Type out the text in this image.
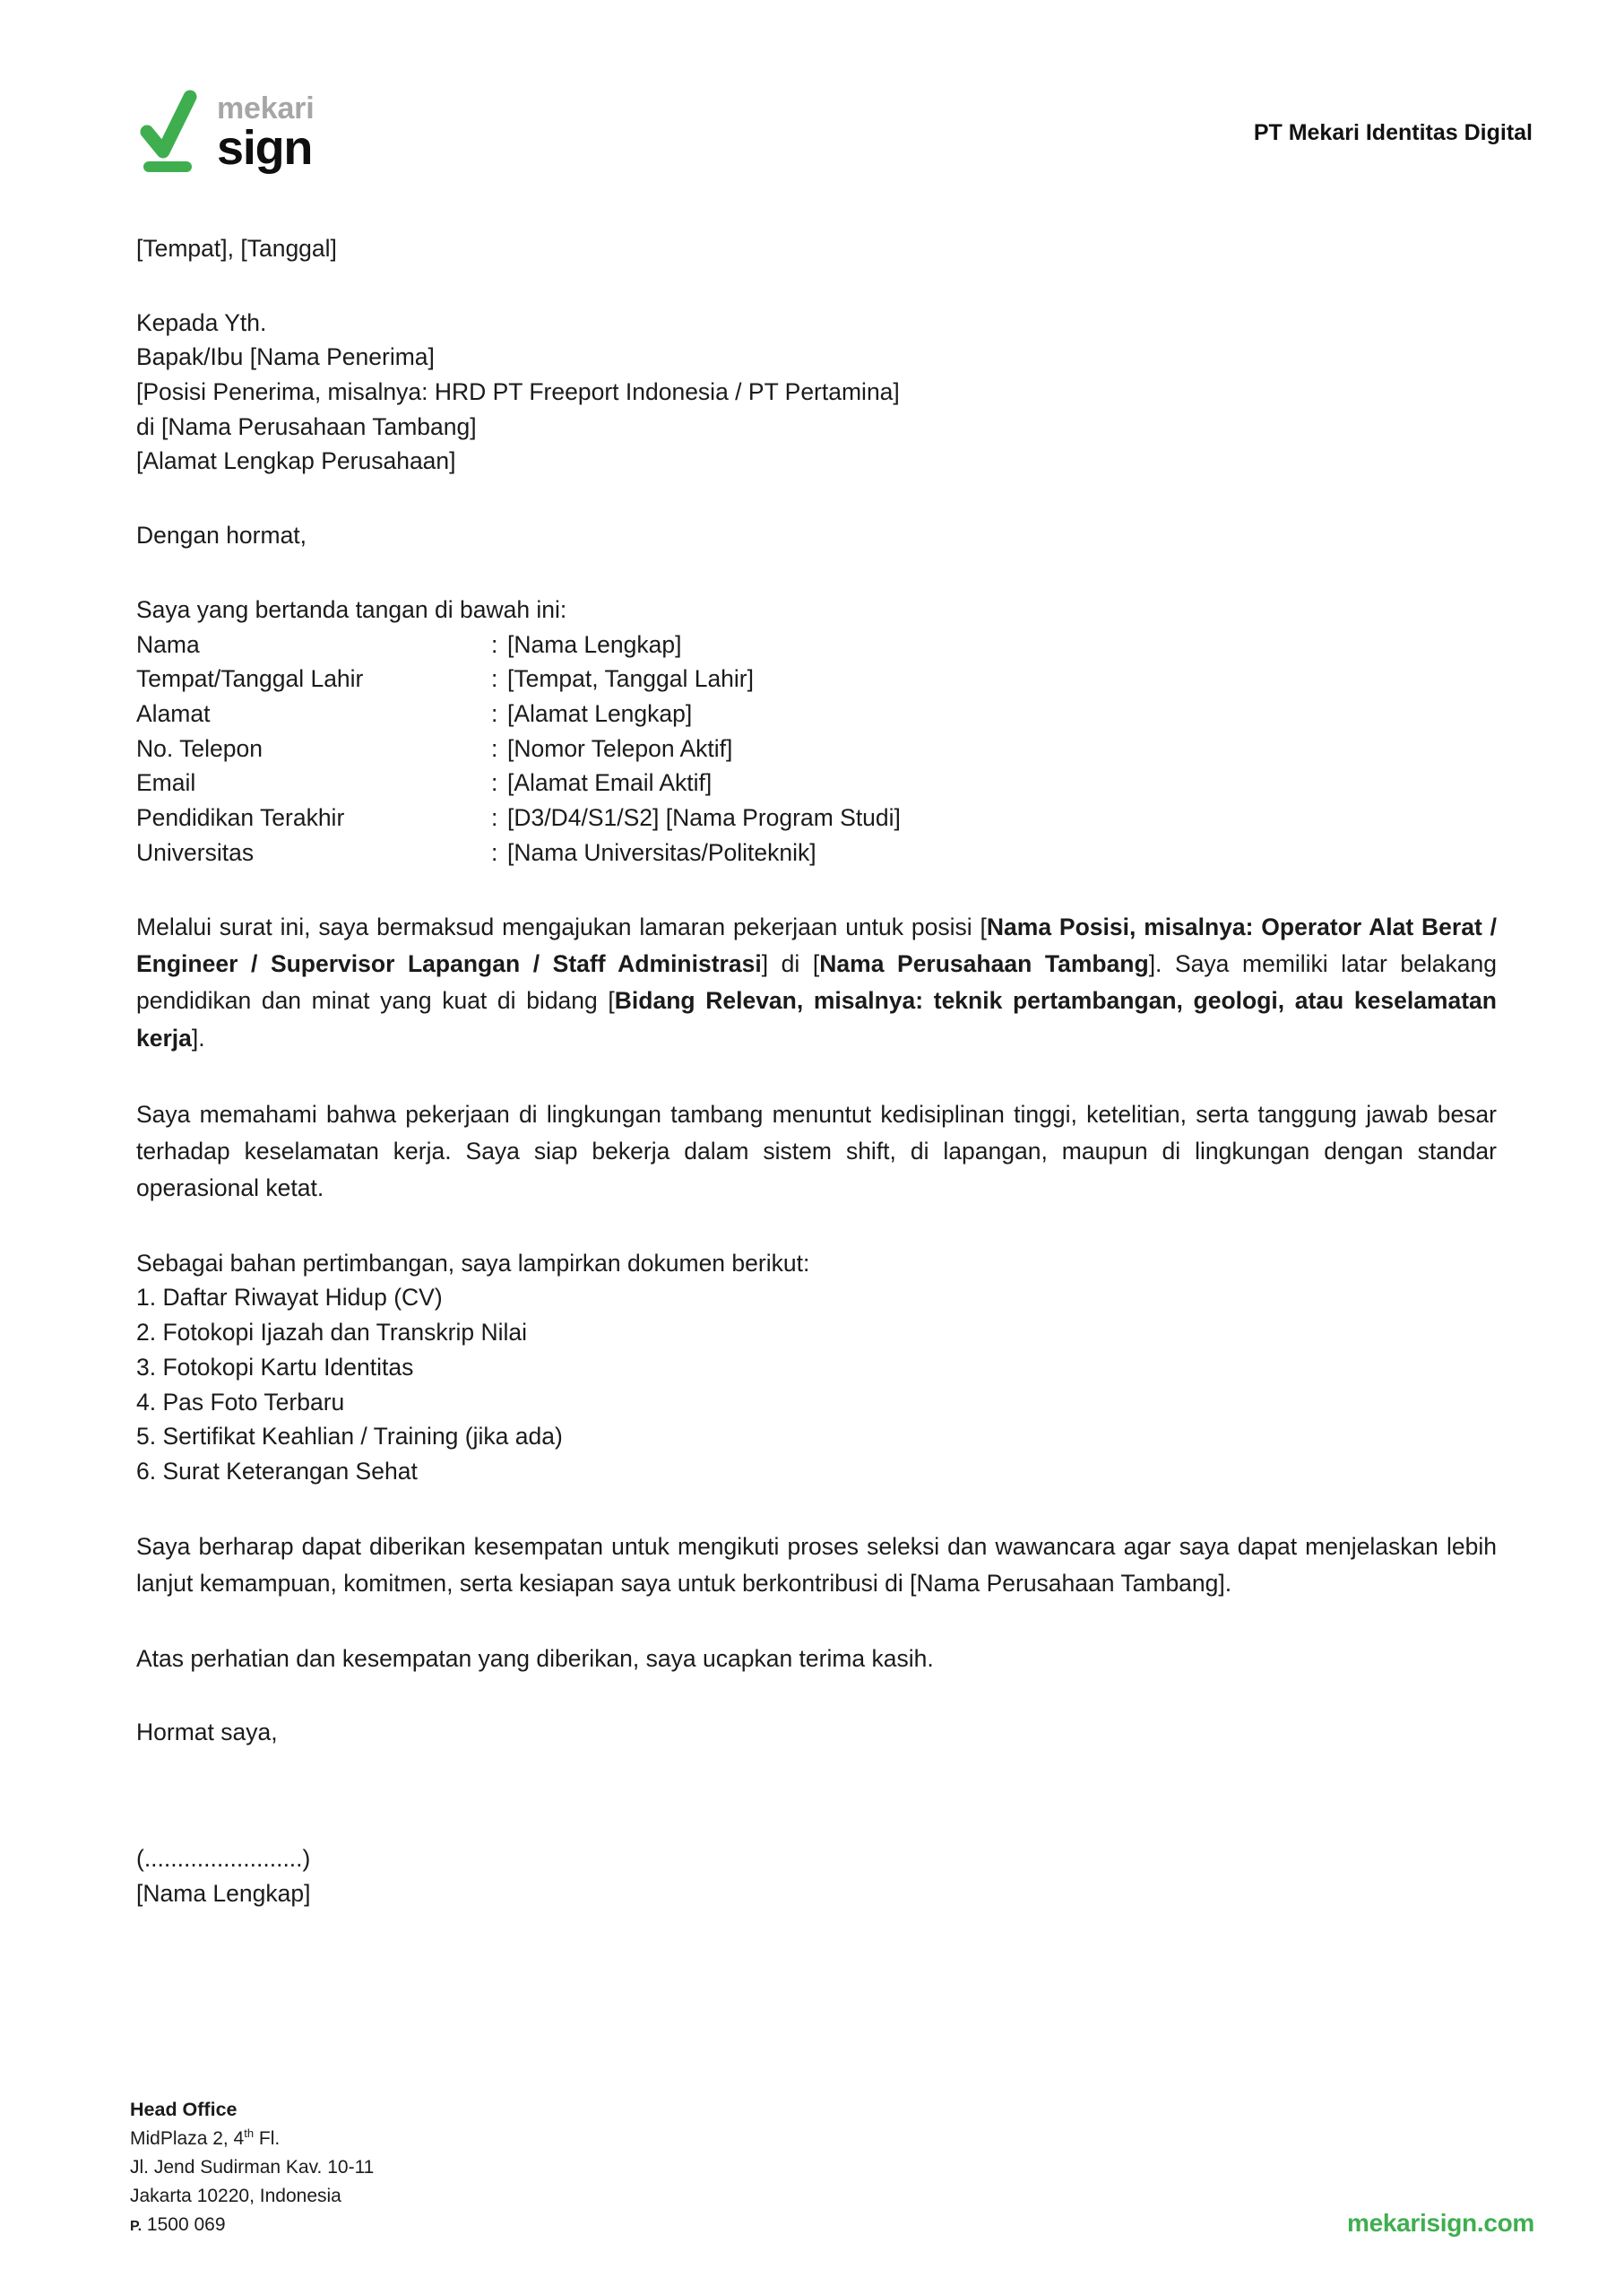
mekari
sign	PT Mekari Identitas Digital
[Tempat], [Tanggal]
Kepada Yth.
Bapak/Ibu [Nama Penerima]
[Posisi Penerima, misalnya: HRD PT Freeport Indonesia / PT Pertamina]
di [Nama Perusahaan Tambang]
[Alamat Lengkap Perusahaan]
Dengan hormat,
Saya yang bertanda tangan di bawah ini:
Nama	:	[Nama Lengkap]
Tempat/Tanggal Lahir	:	[Tempat, Tanggal Lahir]
Alamat	:	[Alamat Lengkap]
No. Telepon	:	[Nomor Telepon Aktif]
Email	:	[Alamat Email Aktif]
Pendidikan Terakhir	:	[D3/D4/S1/S2] [Nama Program Studi]
Universitas	:	[Nama Universitas/Politeknik]

Melalui surat ini, saya bermaksud mengajukan lamaran pekerjaan untuk posisi [Nama Posisi, misalnya: Operator Alat Berat / Engineer / Supervisor Lapangan / Staff Administrasi] di [Nama Perusahaan Tambang]. Saya memiliki latar belakang pendidikan dan minat yang kuat di bidang [Bidang Relevan, misalnya: teknik pertambangan, geologi, atau keselamatan kerja].

Saya memahami bahwa pekerjaan di lingkungan tambang menuntut kedisiplinan tinggi, ketelitian, serta tanggung jawab besar terhadap keselamatan kerja. Saya siap bekerja dalam sistem shift, di lapangan, maupun di lingkungan dengan standar operasional ketat.

Sebagai bahan pertimbangan, saya lampirkan dokumen berikut:
1. Daftar Riwayat Hidup (CV)
2. Fotokopi Ijazah dan Transkrip Nilai
3. Fotokopi Kartu Identitas
4. Pas Foto Terbaru
5. Sertifikat Keahlian / Training (jika ada)
6. Surat Keterangan Sehat

Saya berharap dapat diberikan kesempatan untuk mengikuti proses seleksi dan wawancara agar saya dapat menjelaskan lebih lanjut kemampuan, komitmen, serta kesiapan saya untuk berkontribusi di [Nama Perusahaan Tambang].

Atas perhatian dan kesempatan yang diberikan, saya ucapkan terima kasih.
Hormat saya,
(........................)
[Nama Lengkap]
Head Office
MidPlaza 2, 4th Fl.
Jl. Jend Sudirman Kav. 10-11
Jakarta 10220, Indonesia
P. 1500 069	mekarisign.com
